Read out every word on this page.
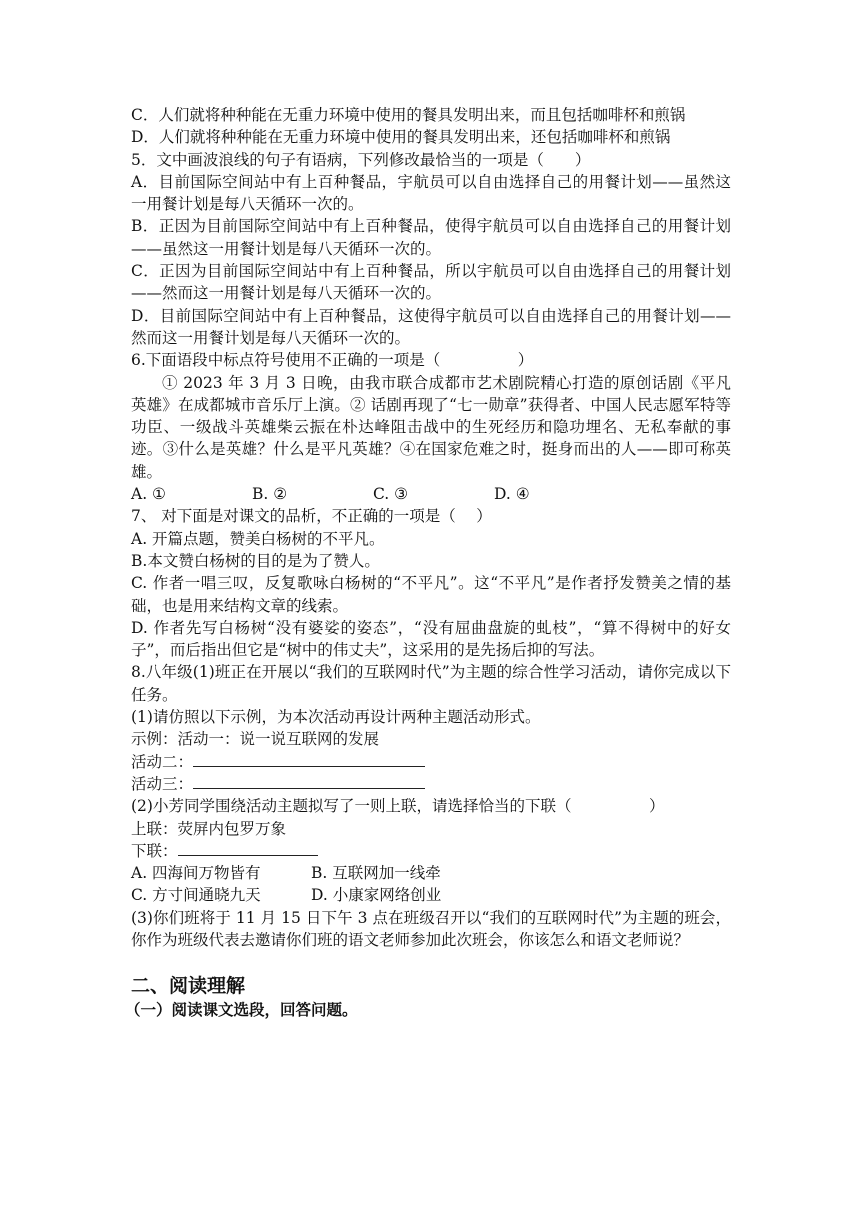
C．人们就将种种能在无重力环境中使用的餐具发明出来，而且包括咖啡杯和煎锅
D．人们就将种种能在无重力环境中使用的餐具发明出来，还包括咖啡杯和煎锅
5．文中画波浪线的句子有语病，下列修改最恰当的一项是（　　）
A．目前国际空间站中有上百种餐品，宇航员可以自由选择自己的用餐计划——虽然这一用餐计划是每八天循环一次的。
B．正因为目前国际空间站中有上百种餐品，使得宇航员可以自由选择自己的用餐计划——虽然这一用餐计划是每八天循环一次的。
C．正因为目前国际空间站中有上百种餐品，所以宇航员可以自由选择自己的用餐计划——然而这一用餐计划是每八天循环一次的。
D．目前国际空间站中有上百种餐品，这使得宇航员可以自由选择自己的用餐计划——然而这一用餐计划是每八天循环一次的。
6.下面语段中标点符号使用不正确的一项是（　　　　　）
① 2023 年 3 月 3 日晚，由我市联合成都市艺术剧院精心打造的原创话剧《平凡英雄》在成都城市音乐厅上演。② 话剧再现了“七一勋章”获得者、中国人民志愿军特等功臣、一级战斗英雄柴云振在朴达峰阻击战中的生死经历和隐功埋名、无私奉献的事迹。③什么是英雄？什么是平凡英雄？④在国家危难之时，挺身而出的人——即可称英雄。
A. ①	B. ②	C. ③	D. ④
7、 对下面是对课文的品析，不正确的一项是（　 ）
A. 开篇点题，赞美白杨树的不平凡。
B.本文赞白杨树的目的是为了赞人。
C. 作者一唱三叹，反复歌咏白杨树的“不平凡”。这“不平凡”是作者抒发赞美之情的基础，也是用来结构文章的线索。
D. 作者先写白杨树“没有婆娑的姿态”，“没有屈曲盘旋的虬枝”，“算不得树中的好女子”，而后指出但它是“树中的伟丈夫”，这采用的是先扬后抑的写法。
8.八年级(1)班正在开展以“我们的互联网时代”为主题的综合性学习活动，请你完成以下任务。
(1)请仿照以下示例，为本次活动再设计两种主题活动形式。
示例：活动一：说一说互联网的发展
活动二：
活动三：
(2)小芳同学围绕活动主题拟写了一则上联，请选择恰当的下联（　　　　　）
上联：荧屏内包罗万象
下联：
A. 四海间万物皆有	B. 互联网加一线牵
C. 方寸间通晓九天	D. 小康家网络创业
(3)你们班将于 11 月 15 日下午 3 点在班级召开以“我们的互联网时代”为主题的班会，你作为班级代表去邀请你们班的语文老师参加此次班会，你该怎么和语文老师说？
二、阅读理解
（一）阅读课文选段，回答问题。
